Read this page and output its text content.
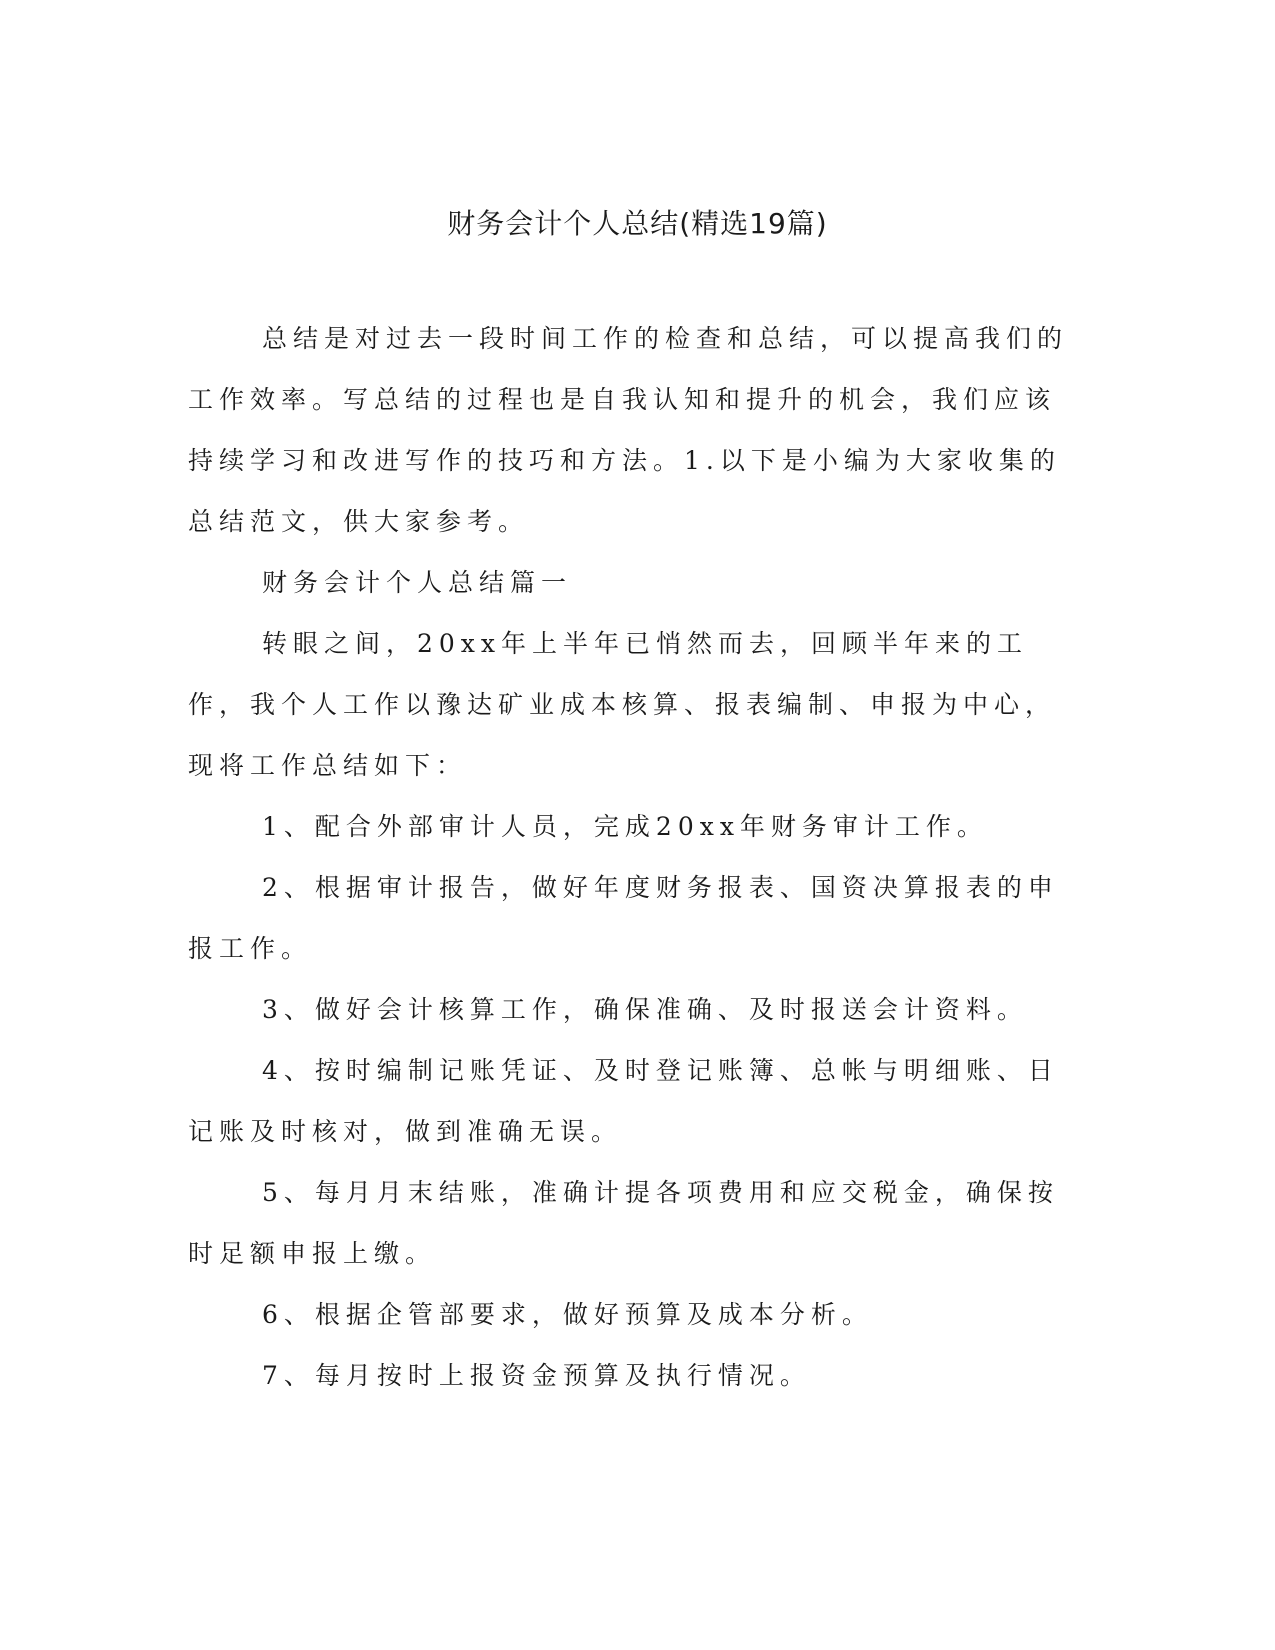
财务会计个人总结(精选19篇)

总结是对过去一段时间工作的检查和总结，可以提高我们的工作效率。写总结的过程也是自我认知和提升的机会，我们应该持续学习和改进写作的技巧和方法。1.以下是小编为大家收集的总结范文，供大家参考。

财务会计个人总结篇一

转眼之间，20xx年上半年已悄然而去，回顾半年来的工作，我个人工作以豫达矿业成本核算、报表编制、申报为中心，现将工作总结如下：

1、配合外部审计人员，完成20xx年财务审计工作。

2、根据审计报告，做好年度财务报表、国资决算报表的申报工作。

3、做好会计核算工作，确保准确、及时报送会计资料。

4、按时编制记账凭证、及时登记账簿、总帐与明细账、日记账及时核对，做到准确无误。

5、每月月末结账，准确计提各项费用和应交税金，确保按时足额申报上缴。

6、根据企管部要求，做好预算及成本分析。

7、每月按时上报资金预算及执行情况。
